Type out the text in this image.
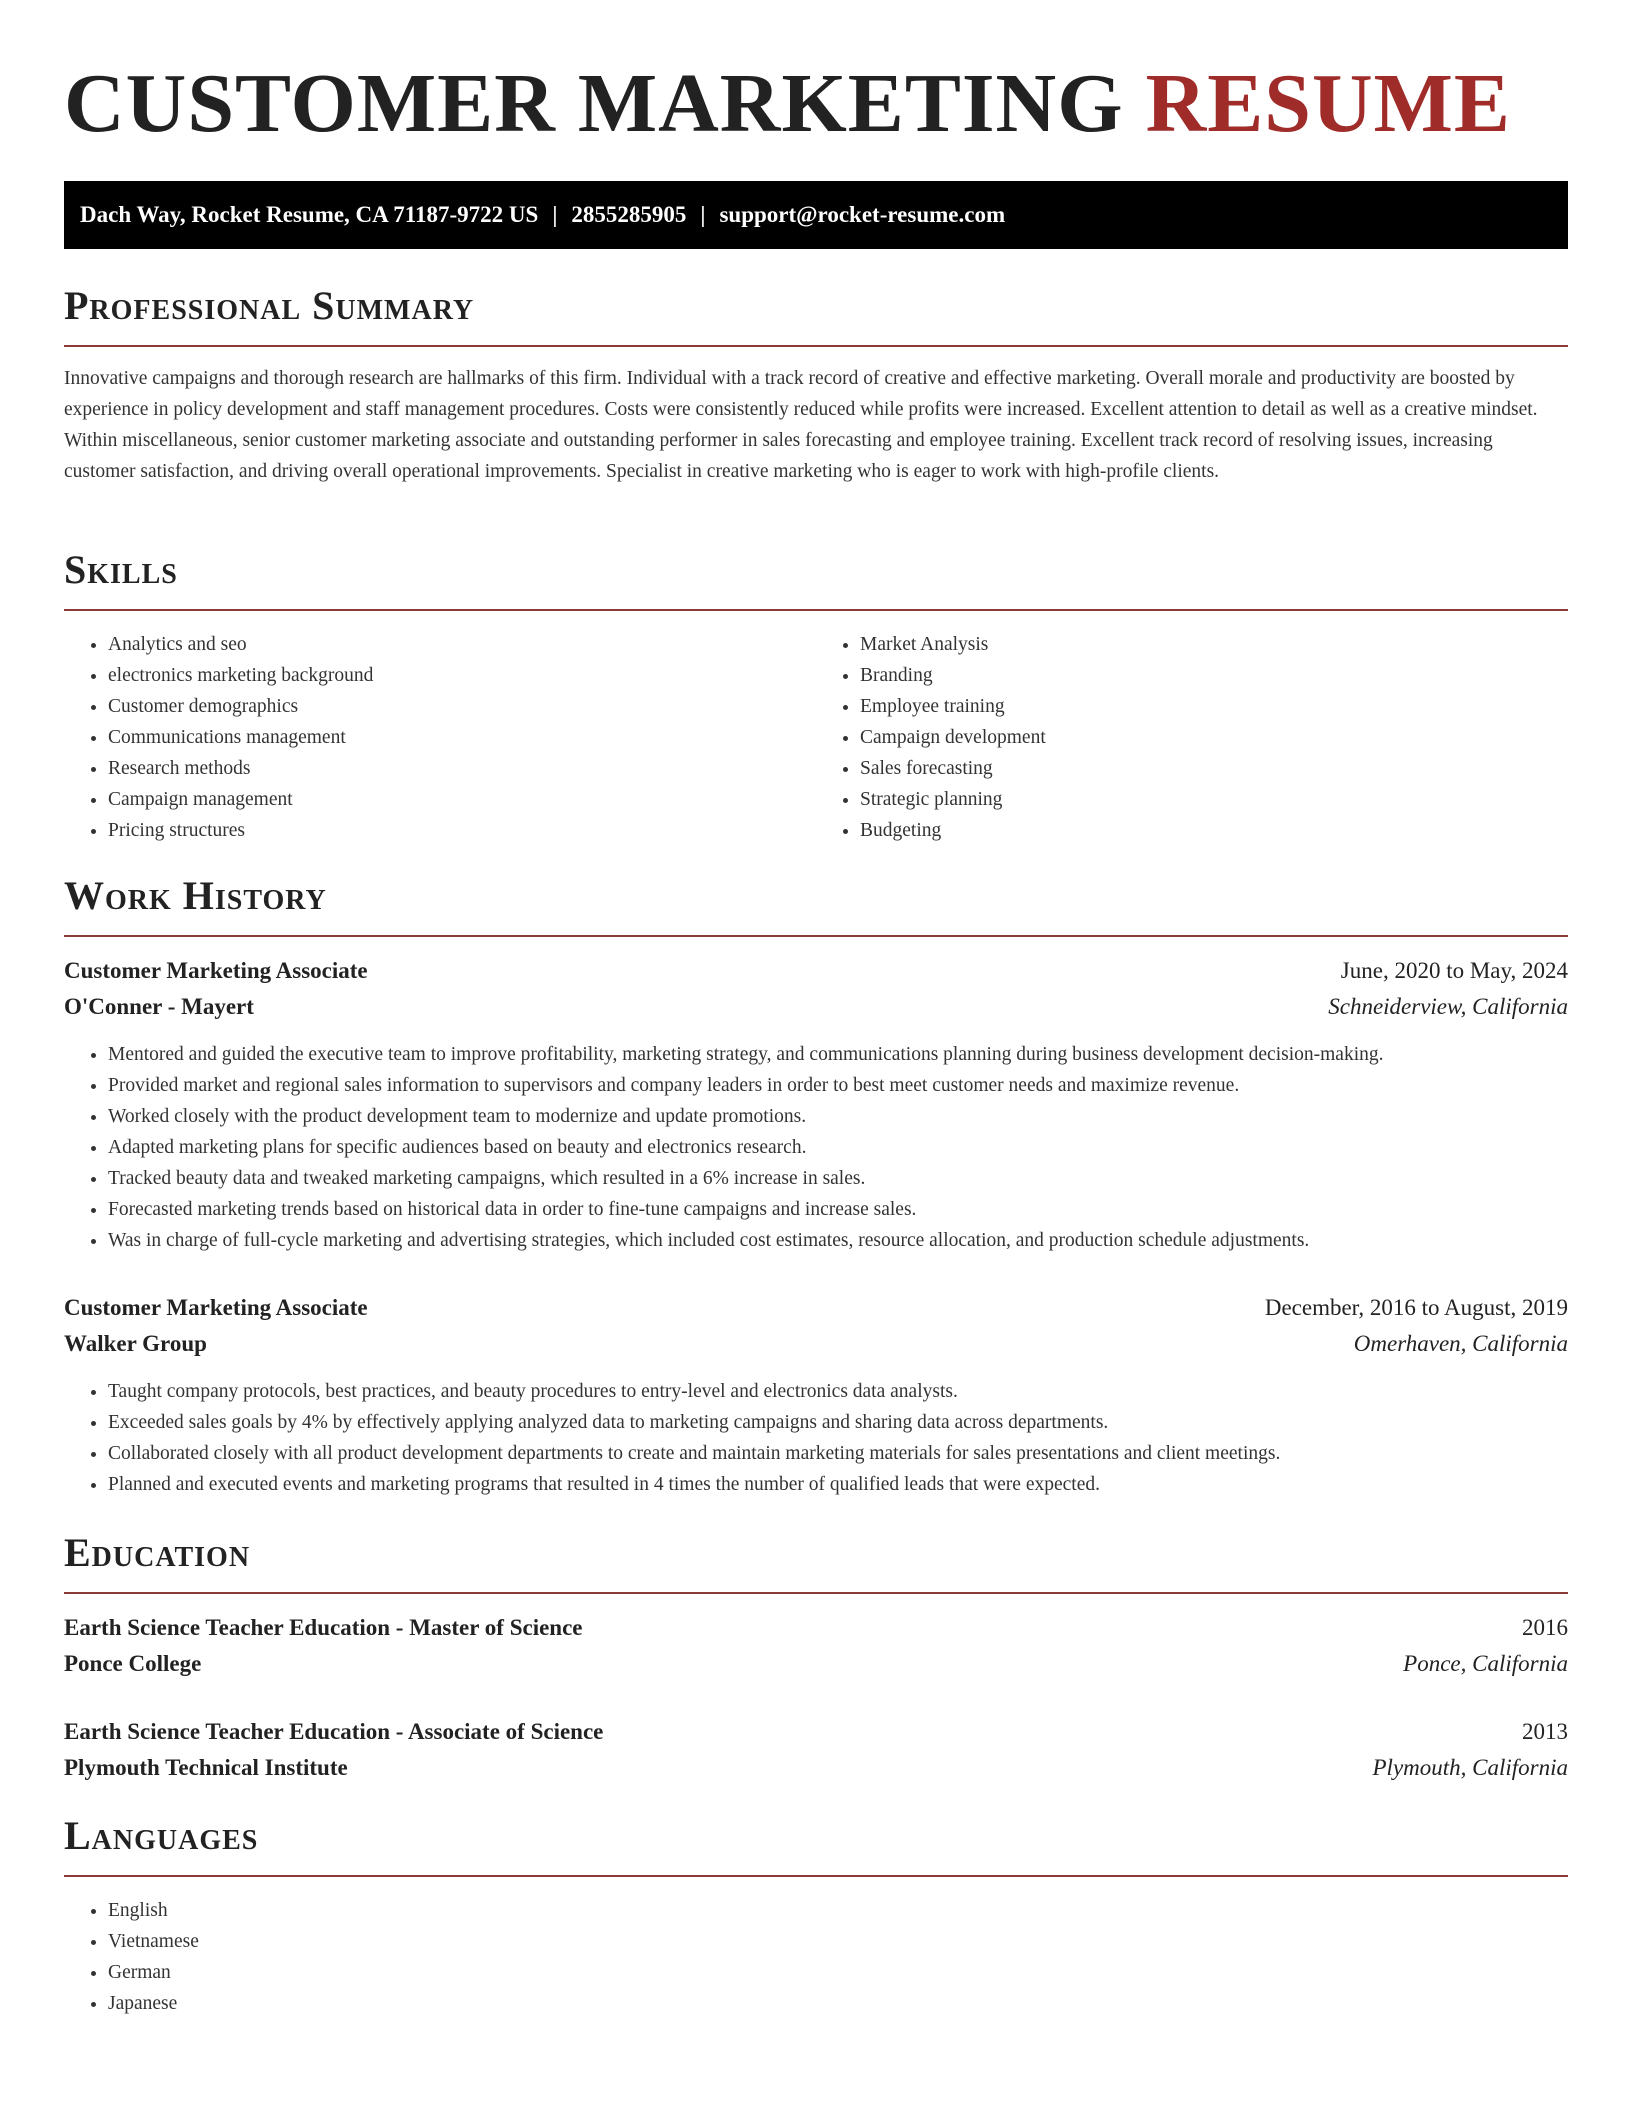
CUSTOMER MARKETING RESUME
Dach Way, Rocket Resume, CA 71187-9722 US | 2855285905 | support@rocket-resume.com
Professional Summary

Innovative campaigns and thorough research are hallmarks of this firm. Individual with a track record of creative and effective marketing. Overall morale and productivity are boosted by experience in policy development and staff management procedures. Costs were consistently reduced while profits were increased. Excellent attention to detail as well as a creative mindset. Within miscellaneous, senior customer marketing associate and outstanding performer in sales forecasting and employee training. Excellent track record of resolving issues, increasing customer satisfaction, and driving overall operational improvements. Specialist in creative marketing who is eager to work with high-profile clients.

Skills
• Analytics and seo
• electronics marketing background
• Customer demographics
• Communications management
• Research methods
• Campaign management
• Pricing structures
• Market Analysis
• Branding
• Employee training
• Campaign development
• Sales forecasting
• Strategic planning
• Budgeting
Work History
Customer Marketing Associate	June, 2020 to May, 2024
O'Conner - Mayert	Schneiderview, California
• Mentored and guided the executive team to improve profitability, marketing strategy, and communications planning during business development decision-making.
• Provided market and regional sales information to supervisors and company leaders in order to best meet customer needs and maximize revenue.
• Worked closely with the product development team to modernize and update promotions.
• Adapted marketing plans for specific audiences based on beauty and electronics research.
• Tracked beauty data and tweaked marketing campaigns, which resulted in a 6% increase in sales.
• Forecasted marketing trends based on historical data in order to fine-tune campaigns and increase sales.
• Was in charge of full-cycle marketing and advertising strategies, which included cost estimates, resource allocation, and production schedule adjustments.
Customer Marketing Associate	December, 2016 to August, 2019
Walker Group	Omerhaven, California
• Taught company protocols, best practices, and beauty procedures to entry-level and electronics data analysts.
• Exceeded sales goals by 4% by effectively applying analyzed data to marketing campaigns and sharing data across departments.
• Collaborated closely with all product development departments to create and maintain marketing materials for sales presentations and client meetings.
• Planned and executed events and marketing programs that resulted in 4 times the number of qualified leads that were expected.
Education
Earth Science Teacher Education - Master of Science	2016
Ponce College	Ponce, California
Earth Science Teacher Education - Associate of Science	2013
Plymouth Technical Institute	Plymouth, California
Languages
• English
• Vietnamese
• German
• Japanese
